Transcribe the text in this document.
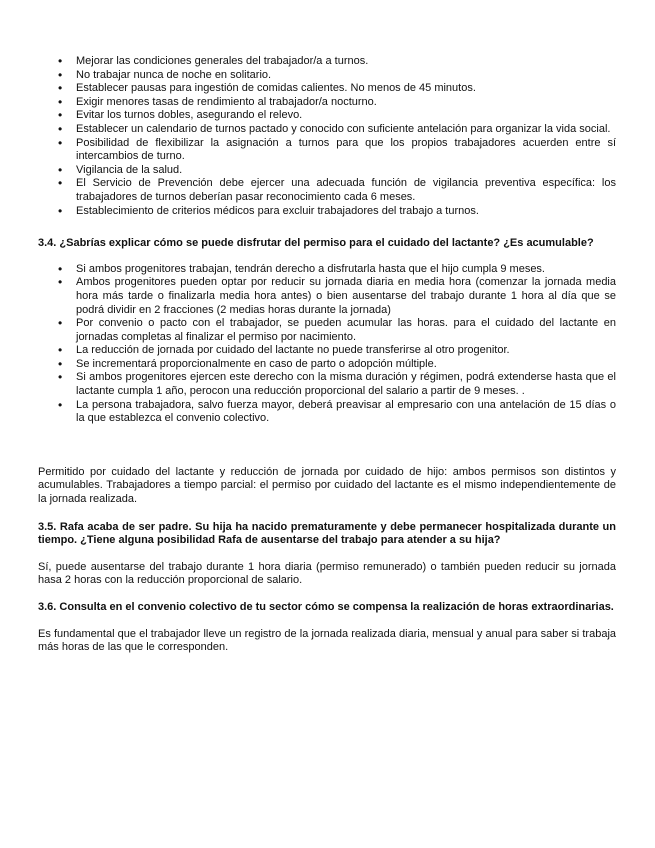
• Mejorar las condiciones generales del trabajador/a a turnos.
• No trabajar nunca de noche en solitario.
• Establecer pausas para ingestión de comidas calientes. No menos de 45 minutos.
• Exigir menores tasas de rendimiento al trabajador/a nocturno.
• Evitar los turnos dobles, asegurando el relevo.
• Establecer un calendario de turnos pactado y conocido con suficiente antelación para organizar la vida social.
• Posibilidad de flexibilizar la asignación a turnos para que los propios trabajadores acuerden entre sí intercambios de turno.
• Vigilancia de la salud.
• El Servicio de Prevención debe ejercer una adecuada función de vigilancia preventiva específica: los trabajadores de turnos deberían pasar reconocimiento cada 6 meses.
• Establecimiento de criterios médicos para excluir trabajadores del trabajo a turnos.

3.4. ¿Sabrías explicar cómo se puede disfrutar del permiso para el cuidado del lactante? ¿Es acumulable?

• Si ambos progenitores trabajan, tendrán derecho a disfrutarla hasta que el hijo cumpla 9 meses.
• Ambos progenitores pueden optar por reducir su jornada diaria en media hora (comenzar la jornada media hora más tarde o finalizarla media hora antes) o bien ausentarse del trabajo durante 1 hora al día que se podrá dividir en 2 fracciones (2 medias horas durante la jornada)
• Por convenio o pacto con el trabajador, se pueden acumular las horas. para el cuidado del lactante en jornadas completas al finalizar el permiso por nacimiento.
• La reducción de jornada por cuidado del lactante no puede transferirse al otro progenitor.
• Se incrementará proporcionalmente en caso de parto o adopción múltiple.
• Si ambos progenitores ejercen este derecho con la misma duración y régimen, podrá extenderse hasta que el lactante cumpla 1 año, perocon una reducción proporcional del salario a partir de 9 meses. .
• La persona trabajadora, salvo fuerza mayor, deberá preavisar al empresario con una antelación de 15 días o la que establezca el convenio colectivo.

Permitido por cuidado del lactante y reducción de jornada por cuidado de hijo: ambos permisos son distintos y acumulables. Trabajadores a tiempo parcial: el permiso por cuidado del lactante es el mismo independientemente de la jornada realizada.

3.5. Rafa acaba de ser padre. Su hija ha nacido prematuramente y debe permanecer hospitalizada durante un tiempo. ¿Tiene alguna posibilidad Rafa de ausentarse del trabajo para atender a su hija?

Sí, puede ausentarse del trabajo durante 1 hora diaria (permiso remunerado) o también pueden reducir su jornada hasa 2 horas con la reducción proporcional de salario.

3.6. Consulta en el convenio colectivo de tu sector cómo se compensa la realización de horas extraordinarias.

Es fundamental que el trabajador lleve un registro de la jornada realizada diaria, mensual y anual para saber si trabaja más horas de las que le corresponden.
